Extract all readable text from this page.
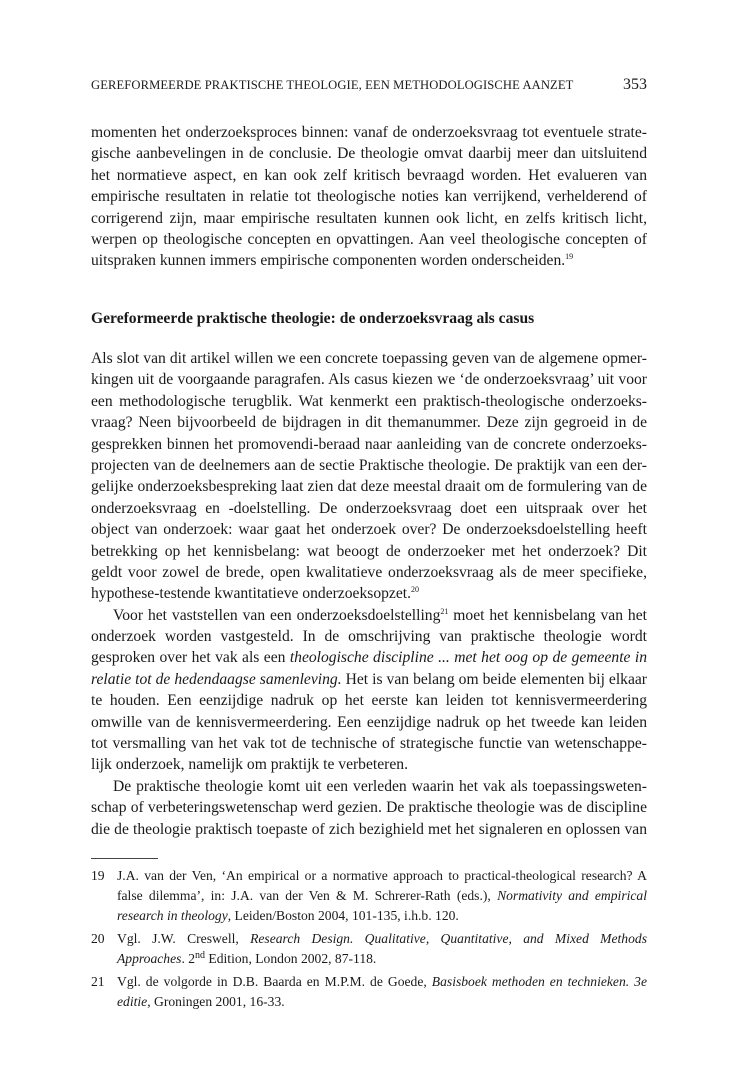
GEREFORMEERDE PRAKTISCHE THEOLOGIE, EEN METHODOLOGISCHE AANZET	353
momenten het onderzoeksproces binnen: vanaf de onderzoeksvraag tot eventuele strate-
gische aanbevelingen in de conclusie. De theologie omvat daarbij meer dan uitsluitend
het normatieve aspect, en kan ook zelf kritisch bevraagd worden. Het evalueren van
empirische resultaten in relatie tot theologische noties kan verrijkend, verhelderend of
corrigerend zijn, maar empirische resultaten kunnen ook licht, en zelfs kritisch licht,
werpen op theologische concepten en opvattingen. Aan veel theologische concepten of
uitspraken kunnen immers empirische componenten worden onderscheiden.$^{19}$
Gereformeerde praktische theologie: de onderzoeksvraag als casus
Als slot van dit artikel willen we een concrete toepassing geven van de algemene opmer-
kingen uit de voorgaande paragrafen. Als casus kiezen we ‘de onderzoeksvraag’ uit voor
een methodologische terugblik. Wat kenmerkt een praktisch-theologische onderzoeks-
vraag? Neen bijvoorbeeld de bijdragen in dit themanummer. Deze zijn gegroeid in de
gesprekken binnen het promovendi-beraad naar aanleiding van de concrete onderzoeks-
projecten van de deelnemers aan de sectie Praktische theologie. De praktijk van een der-
gelijke onderzoeksbespreking laat zien dat deze meestal draait om de formulering van de
onderzoeksvraag en -doelstelling. De onderzoeksvraag doet een uitspraak over het
object van onderzoek: waar gaat het onderzoek over? De onderzoeksdoelstelling heeft
betrekking op het kennisbelang: wat beoogt de onderzoeker met het onderzoek? Dit
geldt voor zowel de brede, open kwalitatieve onderzoeksvraag als de meer specifieke,
hypothese-testende kwantitatieve onderzoeksopzet.$^{20}$
Voor het vaststellen van een onderzoeksdoelstelling$^{21}$ moet het kennisbelang van het
onderzoek worden vastgesteld. In de omschrijving van praktische theologie wordt
gesproken over het vak als een theologische discipline ... met het oog op de gemeente in
relatie tot de hedendaagse samenleving. Het is van belang om beide elementen bij elkaar
te houden. Een eenzijdige nadruk op het eerste kan leiden tot kennisvermeerdering
omwille van de kennisvermeerdering. Een eenzijdige nadruk op het tweede kan leiden
tot versmalling van het vak tot de technische of strategische functie van wetenschappe-
lijk onderzoek, namelijk om praktijk te verbeteren.
De praktische theologie komt uit een verleden waarin het vak als toepassingsweten-
schap of verbeteringswetenschap werd gezien. De praktische theologie was de discipline
die de theologie praktisch toepaste of zich bezighield met het signaleren en oplossen van
19 J.A. van der Ven, ‘An empirical or a normative approach to practical-theological research? A
false dilemma’, in: J.A. van der Ven & M. Schrerer-Rath (eds.), Normativity and empirical
research in theology, Leiden/Boston 2004, 101-135, i.h.b. 120.
20 Vgl. J.W. Creswell, Research Design. Qualitative, Quantitative, and Mixed Methods
Approaches. 2nd Edition, London 2002, 87-118.
21 Vgl. de volgorde in D.B. Baarda en M.P.M. de Goede, Basisboek methoden en technieken. 3e
editie, Groningen 2001, 16-33.
